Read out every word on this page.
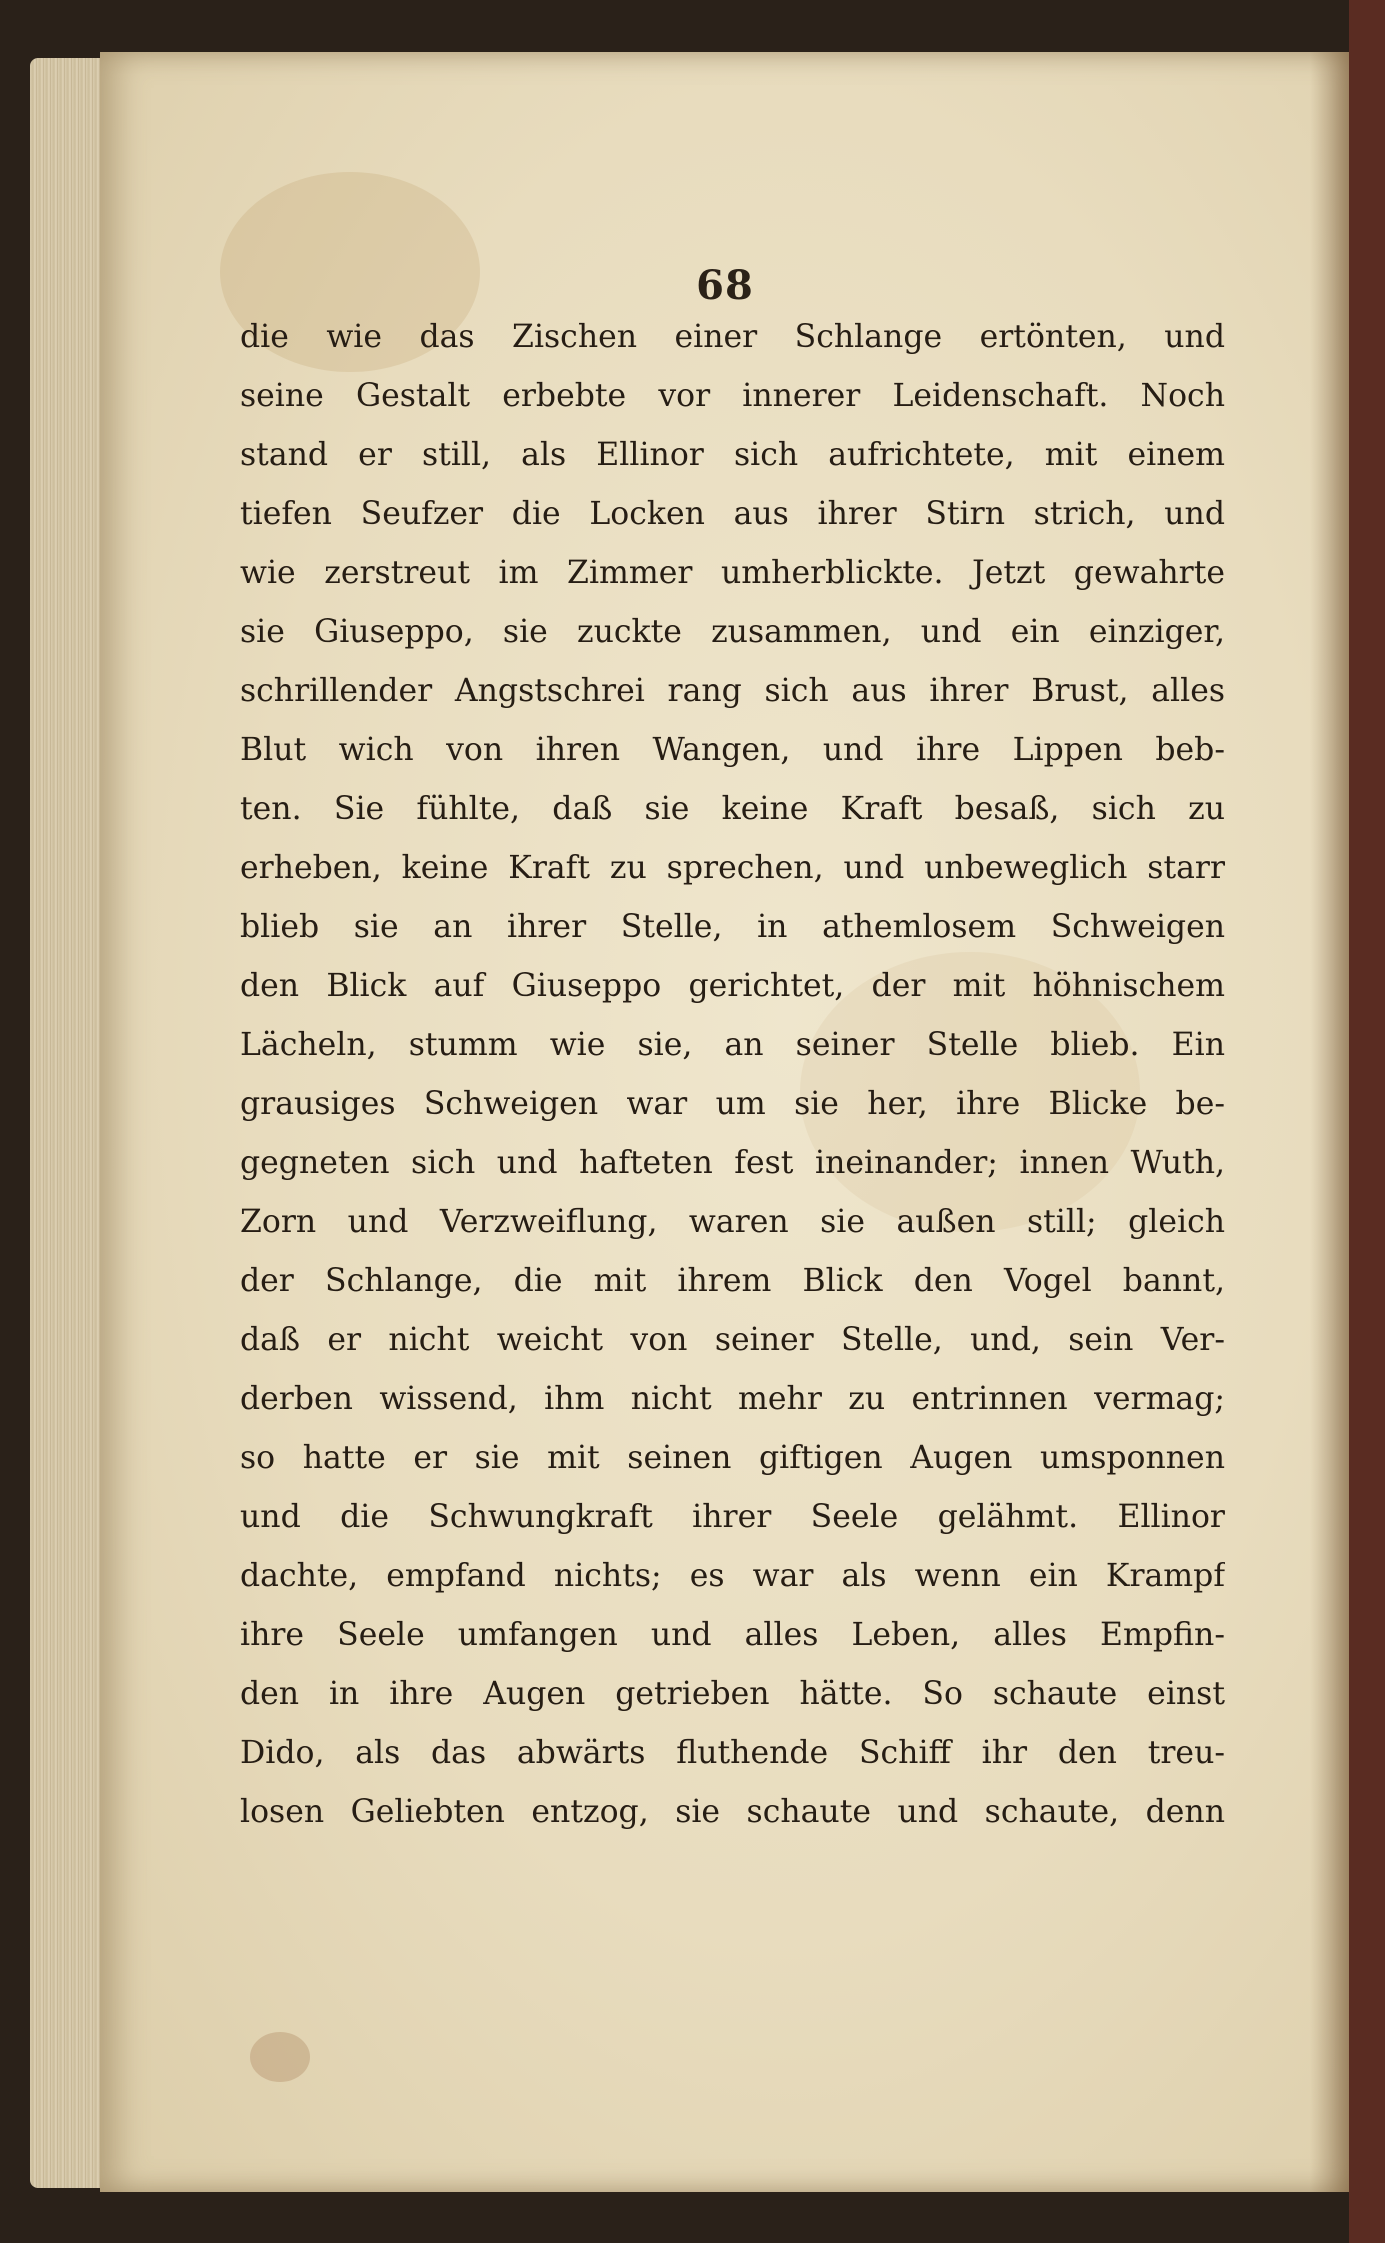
68
die wie das Zischen einer Schlange ertönten, und
seine Gestalt erbebte vor innerer Leidenschaft. Noch
stand er still, als Ellinor sich aufrichtete, mit einem
tiefen Seufzer die Locken aus ihrer Stirn strich, und
wie zerstreut im Zimmer umherblickte. Jetzt gewahrte
sie Giuseppo, sie zuckte zusammen, und ein einziger,
schrillender Angstschrei rang sich aus ihrer Brust, alles
Blut wich von ihren Wangen, und ihre Lippen beb-
ten. Sie fühlte, daß sie keine Kraft besaß, sich zu
erheben, keine Kraft zu sprechen, und unbeweglich starr
blieb sie an ihrer Stelle, in athemlosem Schweigen
den Blick auf Giuseppo gerichtet, der mit höhnischem
Lächeln, stumm wie sie, an seiner Stelle blieb. Ein
grausiges Schweigen war um sie her, ihre Blicke be-
gegneten sich und hafteten fest ineinander; innen Wuth,
Zorn und Verzweiflung, waren sie außen still; gleich
der Schlange, die mit ihrem Blick den Vogel bannt,
daß er nicht weicht von seiner Stelle, und, sein Ver-
derben wissend, ihm nicht mehr zu entrinnen vermag;
so hatte er sie mit seinen giftigen Augen umsponnen
und die Schwungkraft ihrer Seele gelähmt. Ellinor
dachte, empfand nichts; es war als wenn ein Krampf
ihre Seele umfangen und alles Leben, alles Empfin-
den in ihre Augen getrieben hätte. So schaute einst
Dido, als das abwärts fluthende Schiff ihr den treu-
losen Geliebten entzog, sie schaute und schaute, denn
